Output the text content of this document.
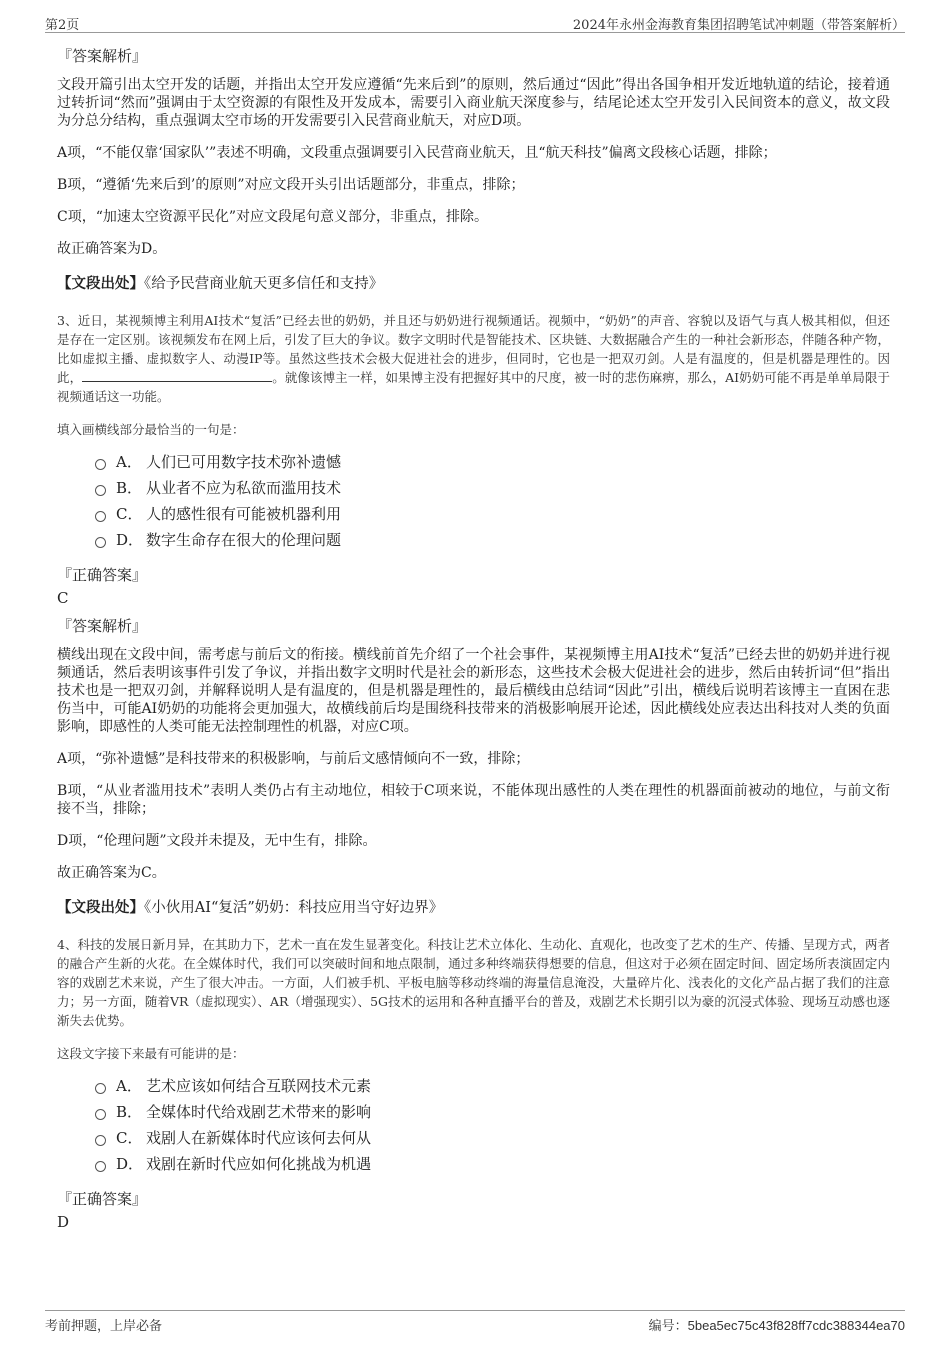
第2页	2024年永州金海教育集团招聘笔试冲刺题（带答案解析）
『答案解析』
文段开篇引出太空开发的话题，并指出太空开发应遵循“先来后到”的原则，然后通过“因此”得出各国争相开发近地轨道的结论，接着通过转折词“然而”强调由于太空资源的有限性及开发成本，需要引入商业航天深度参与，结尾论述太空开发引入民间资本的意义，故文段为分总分结构，重点强调太空市场的开发需要引入民营商业航天，对应D项。
A项，“不能仅靠‘国家队’”表述不明确，文段重点强调要引入民营商业航天，且“航天科技”偏离文段核心话题，排除；
B项，“遵循‘先来后到’的原则”对应文段开头引出话题部分，非重点，排除；
C项，“加速太空资源平民化”对应文段尾句意义部分，非重点，排除。
故正确答案为D。
【文段出处】《给予民营商业航天更多信任和支持》
3、近日，某视频博主利用AI技术“复活”已经去世的奶奶，并且还与奶奶进行视频通话。视频中，“奶奶”的声音、容貌以及语气与真人极其相似，但还是存在一定区别。该视频发布在网上后，引发了巨大的争议。数字文明时代是智能技术、区块链、大数据融合产生的一种社会新形态，伴随各种产物，比如虚拟主播、虚拟数字人、动漫IP等。虽然这些技术会极大促进社会的进步，但同时，它也是一把双刃剑。人是有温度的，但是机器是理性的。因此，	。就像该博主一样，如果博主没有把握好其中的尺度，被一时的悲伤麻痹，那么，AI奶奶可能不再是单单局限于视频通话这一功能。
填入画横线部分最恰当的一句是：
A． 人们已可用数字技术弥补遗憾
B． 从业者不应为私欲而滥用技术
C． 人的感性很有可能被机器利用
D． 数字生命存在很大的伦理问题
『正确答案』
C
『答案解析』
横线出现在文段中间，需考虑与前后文的衔接。横线前首先介绍了一个社会事件，某视频博主用AI技术“复活”已经去世的奶奶并进行视频通话，然后表明该事件引发了争议，并指出数字文明时代是社会的新形态，这些技术会极大促进社会的进步，然后由转折词“但”指出技术也是一把双刃剑，并解释说明人是有温度的，但是机器是理性的，最后横线由总结词“因此”引出，横线后说明若该博主一直困在悲伤当中，可能AI奶奶的功能将会更加强大，故横线前后均是围绕科技带来的消极影响展开论述，因此横线处应表达出科技对人类的负面影响，即感性的人类可能无法控制理性的机器，对应C项。
A项，“弥补遗憾”是科技带来的积极影响，与前后文感情倾向不一致，排除；
B项，“从业者滥用技术”表明人类仍占有主动地位，相较于C项来说，不能体现出感性的人类在理性的机器面前被动的地位，与前文衔接不当，排除；
D项，“伦理问题”文段并未提及，无中生有，排除。
故正确答案为C。
【文段出处】《小伙用AI“复活”奶奶：科技应用当守好边界》
4、科技的发展日新月异，在其助力下，艺术一直在发生显著变化。科技让艺术立体化、生动化、直观化，也改变了艺术的生产、传播、呈现方式，两者的融合产生新的火花。在全媒体时代，我们可以突破时间和地点限制，通过多种终端获得想要的信息，但这对于必须在固定时间、固定场所表演固定内容的戏剧艺术来说，产生了很大冲击。一方面，人们被手机、平板电脑等移动终端的海量信息淹没，大量碎片化、浅表化的文化产品占据了我们的注意力；另一方面，随着VR（虚拟现实）、AR（增强现实）、5G技术的运用和各种直播平台的普及，戏剧艺术长期引以为豪的沉浸式体验、现场互动感也逐渐失去优势。
这段文字接下来最有可能讲的是：
A． 艺术应该如何结合互联网技术元素
B． 全媒体时代给戏剧艺术带来的影响
C． 戏剧人在新媒体时代应该何去何从
D． 戏剧在新时代应如何化挑战为机遇
『正确答案』
D
考前押题，上岸必备	编号：5bea5ec75c43f828ff7cdc388344ea70
